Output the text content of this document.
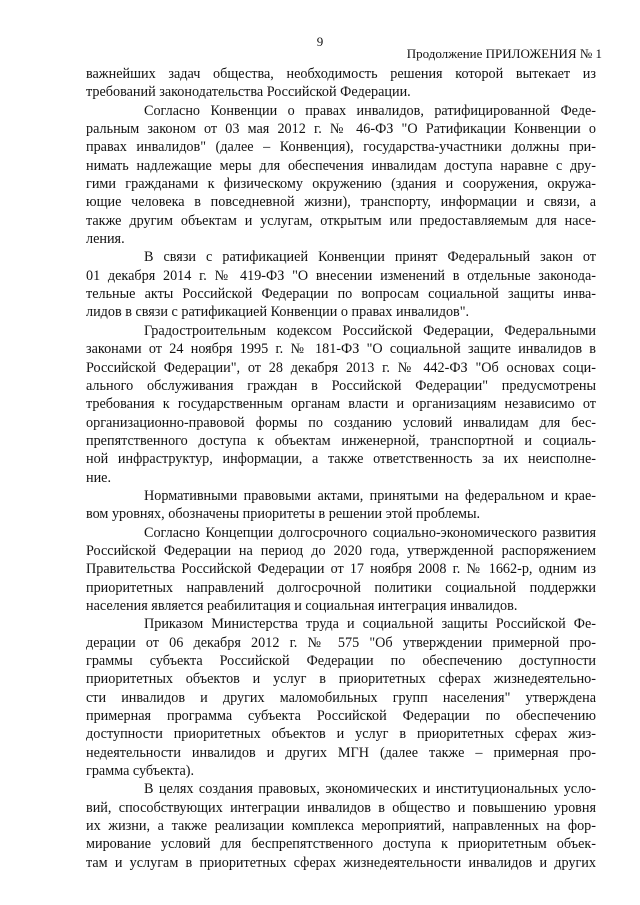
9
Продолжение ПРИЛОЖЕНИЯ № 1

важнейших задач общества, необходимость решения которой вытекает из
требований законодательства Российской Федерации.

Согласно Конвенции о правах инвалидов, ратифицированной Феде-
ральным законом от 03 мая 2012 г. № 46-ФЗ "О Ратификации Конвенции о
правах инвалидов" (далее – Конвенция), государства-участники должны при-
нимать надлежащие меры для обеспечения инвалидам доступа наравне с дру-
гими гражданами к физическому окружению (здания и сооружения, окружа-
ющие человека в повседневной жизни), транспорту, информации и связи, а
также другим объектам и услугам, открытым или предоставляемым для насе-
ления.

В связи с ратификацией Конвенции принят Федеральный закон от
01 декабря 2014 г. № 419-ФЗ "О внесении изменений в отдельные законода-
тельные акты Российской Федерации по вопросам социальной защиты инва-
лидов в связи с ратификацией Конвенции о правах инвалидов".

Градостроительным кодексом Российской Федерации, Федеральными
законами от 24 ноября 1995 г. № 181-ФЗ "О социальной защите инвалидов в
Российской Федерации", от 28 декабря 2013 г. № 442-ФЗ "Об основах соци-
ального обслуживания граждан в Российской Федерации" предусмотрены
требования к государственным органам власти и организациям независимо от
организационно-правовой формы по созданию условий инвалидам для бес-
препятственного доступа к объектам инженерной, транспортной и социаль-
ной инфраструктур, информации, а также ответственность за их неисполне-
ние.

Нормативными правовыми актами, принятыми на федеральном и крае-
вом уровнях, обозначены приоритеты в решении этой проблемы.

Согласно Концепции долгосрочного социально-экономического развития
Российской Федерации на период до 2020 года, утвержденной распоряжением
Правительства Российской Федерации от 17 ноября 2008 г. № 1662-р, одним из
приоритетных направлений долгосрочной политики социальной поддержки
населения является реабилитация и социальная интеграция инвалидов.

Приказом Министерства труда и социальной защиты Российской Фе-
дерации от 06 декабря 2012 г. № 575 "Об утверждении примерной про-
граммы субъекта Российской Федерации по обеспечению доступности
приоритетных объектов и услуг в приоритетных сферах жизнедеятельно-
сти инвалидов и других маломобильных групп населения" утверждена
примерная программа субъекта Российской Федерации по обеспечению
доступности приоритетных объектов и услуг в приоритетных сферах жиз-
недеятельности инвалидов и других МГН (далее также – примерная про-
грамма субъекта).

В целях создания правовых, экономических и институциональных усло-
вий, способствующих интеграции инвалидов в общество и повышению уровня
их жизни, а также реализации комплекса мероприятий, направленных на фор-
мирование условий для беспрепятственного доступа к приоритетным объек-
там и услугам в приоритетных сферах жизнедеятельности инвалидов и других
